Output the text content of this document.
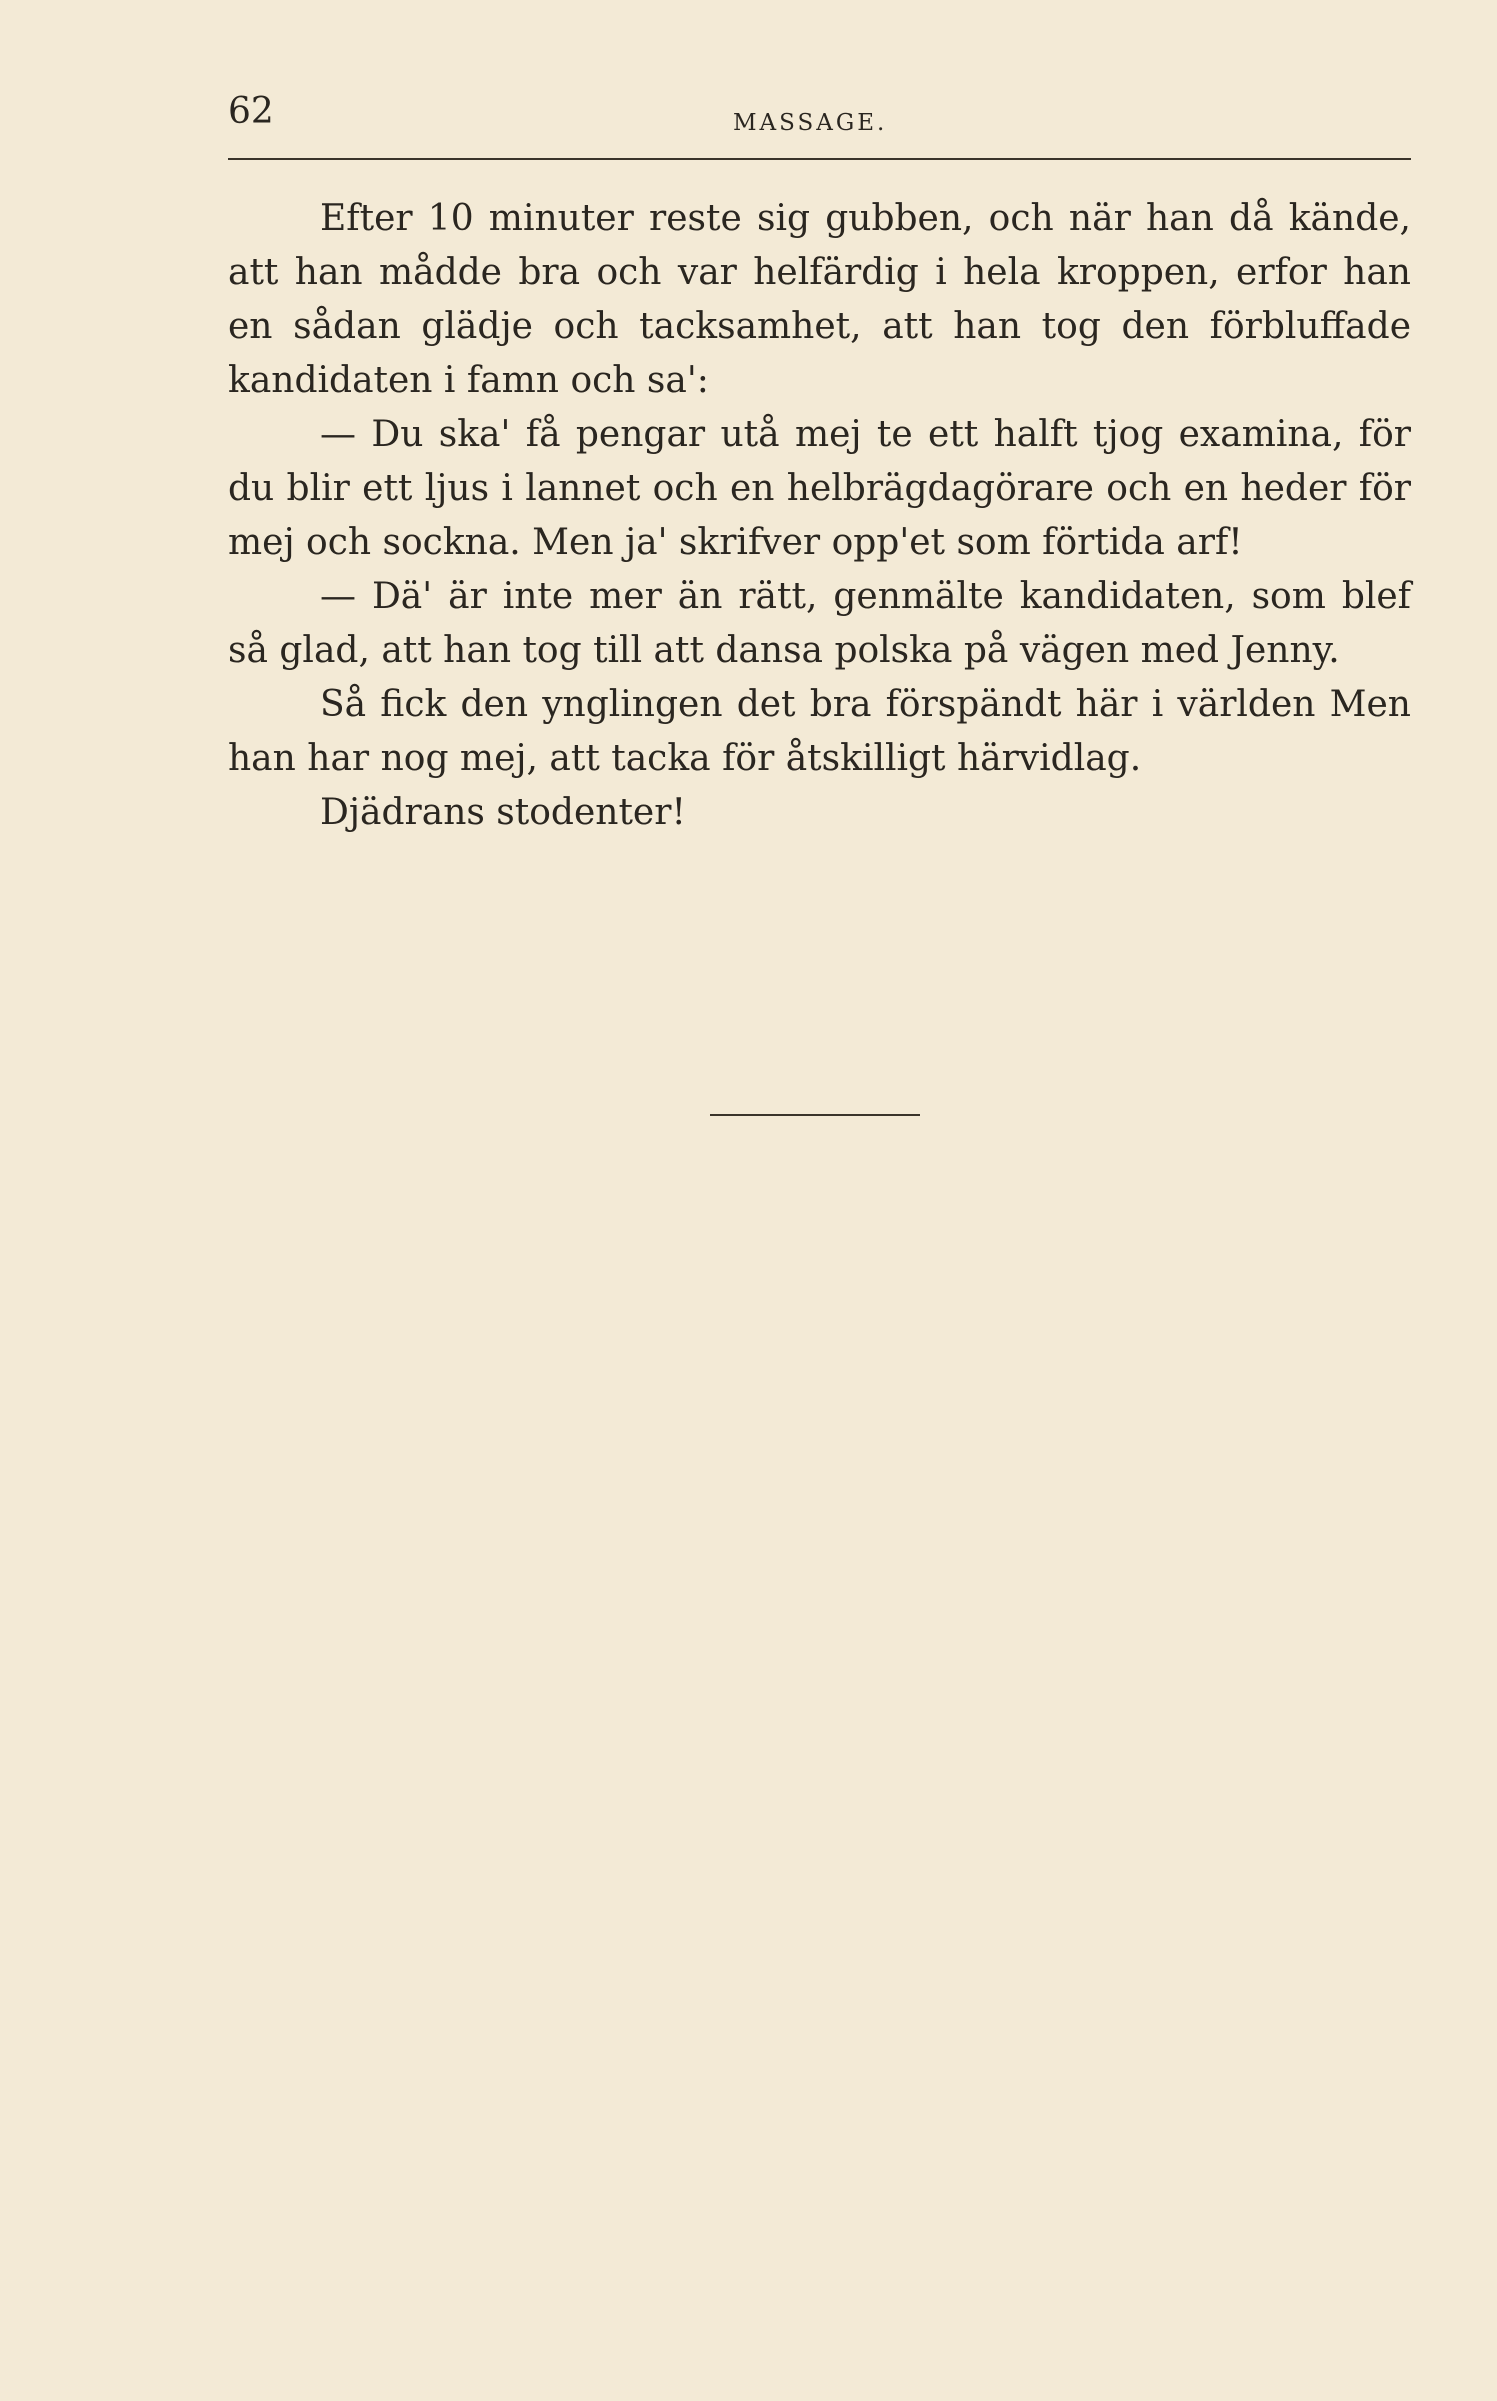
62	MASSAGE.

Efter 10 minuter reste sig gubben, och när han då kände, att han mådde bra och var helfärdig i hela kroppen, erfor han en sådan glädje och tacksamhet, att han tog den förbluffade kandidaten i famn och sa':

— Du ska' få pengar utå mej te ett halft tjog examina, för du blir ett ljus i lannet och en helbrägdagörare och en heder för mej och sockna. Men ja' skrifver opp'et som förtida arf!

— Dä' är inte mer än rätt, genmälte kandidaten, som blef så glad, att han tog till att dansa polska på vägen med Jenny.

Så fick den ynglingen det bra förspändt här i världen Men han har nog mej, att tacka för åtskilligt härvidlag.

Djädrans stodenter!
